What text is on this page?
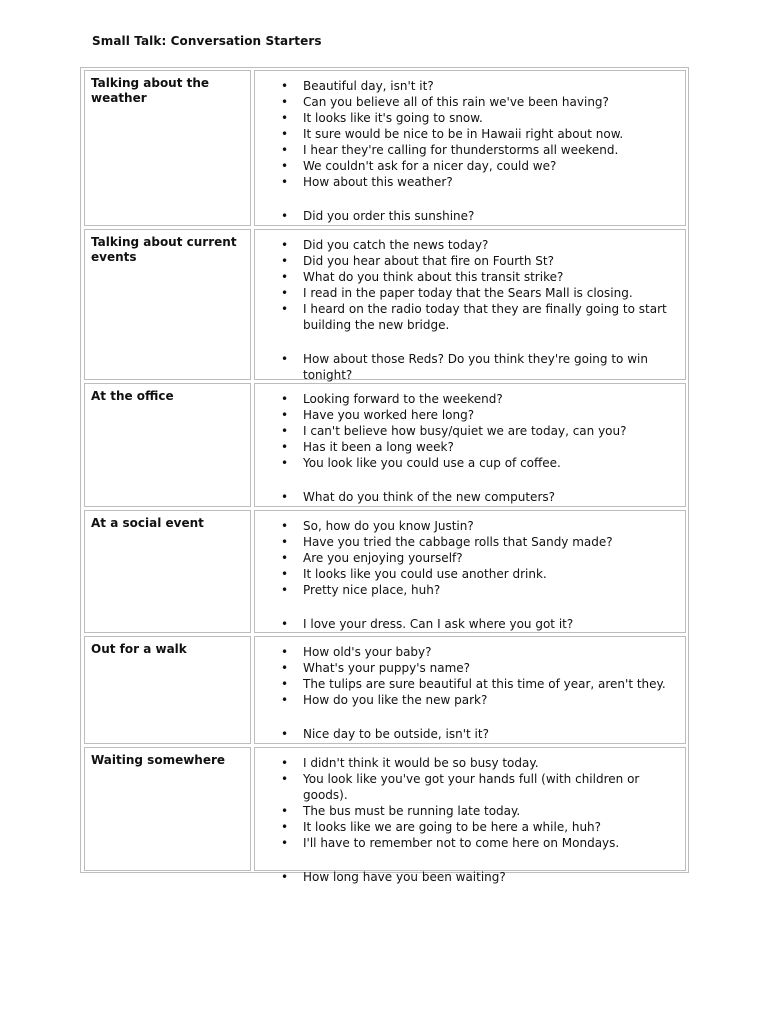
Small Talk: Conversation Starters
Talking about the weather
• Beautiful day, isn't it?
• Can you believe all of this rain we've been having?
• It looks like it's going to snow.
• It sure would be nice to be in Hawaii right about now.
• I hear they're calling for thunderstorms all weekend.
• We couldn't ask for a nicer day, could we?
• How about this weather?
• Did you order this sunshine?
Talking about current events
• Did you catch the news today?
• Did you hear about that fire on Fourth St?
• What do you think about this transit strike?
• I read in the paper today that the Sears Mall is closing.
• I heard on the radio today that they are finally going to start building the new bridge.
• How about those Reds? Do you think they're going to win tonight?
At the office	• Looking forward to the weekend?
• Have you worked here long?
• I can't believe how busy/quiet we are today, can you?
• Has it been a long week?
• You look like you could use a cup of coffee.
• What do you think of the new computers?
At a social event	• So, how do you know Justin?
• Have you tried the cabbage rolls that Sandy made?
• Are you enjoying yourself?
• It looks like you could use another drink.
• Pretty nice place, huh?
• I love your dress. Can I ask where you got it?
Out for a walk	• How old's your baby?
• What's your puppy's name?
• The tulips are sure beautiful at this time of year, aren't they.
• How do you like the new park?
• Nice day to be outside, isn't it?
Waiting somewhere	• I didn't think it would be so busy today.
• You look like you've got your hands full (with children or goods).
• The bus must be running late today.
• It looks like we are going to be here a while, huh?
• I'll have to remember not to come here on Mondays.
• How long have you been waiting?
